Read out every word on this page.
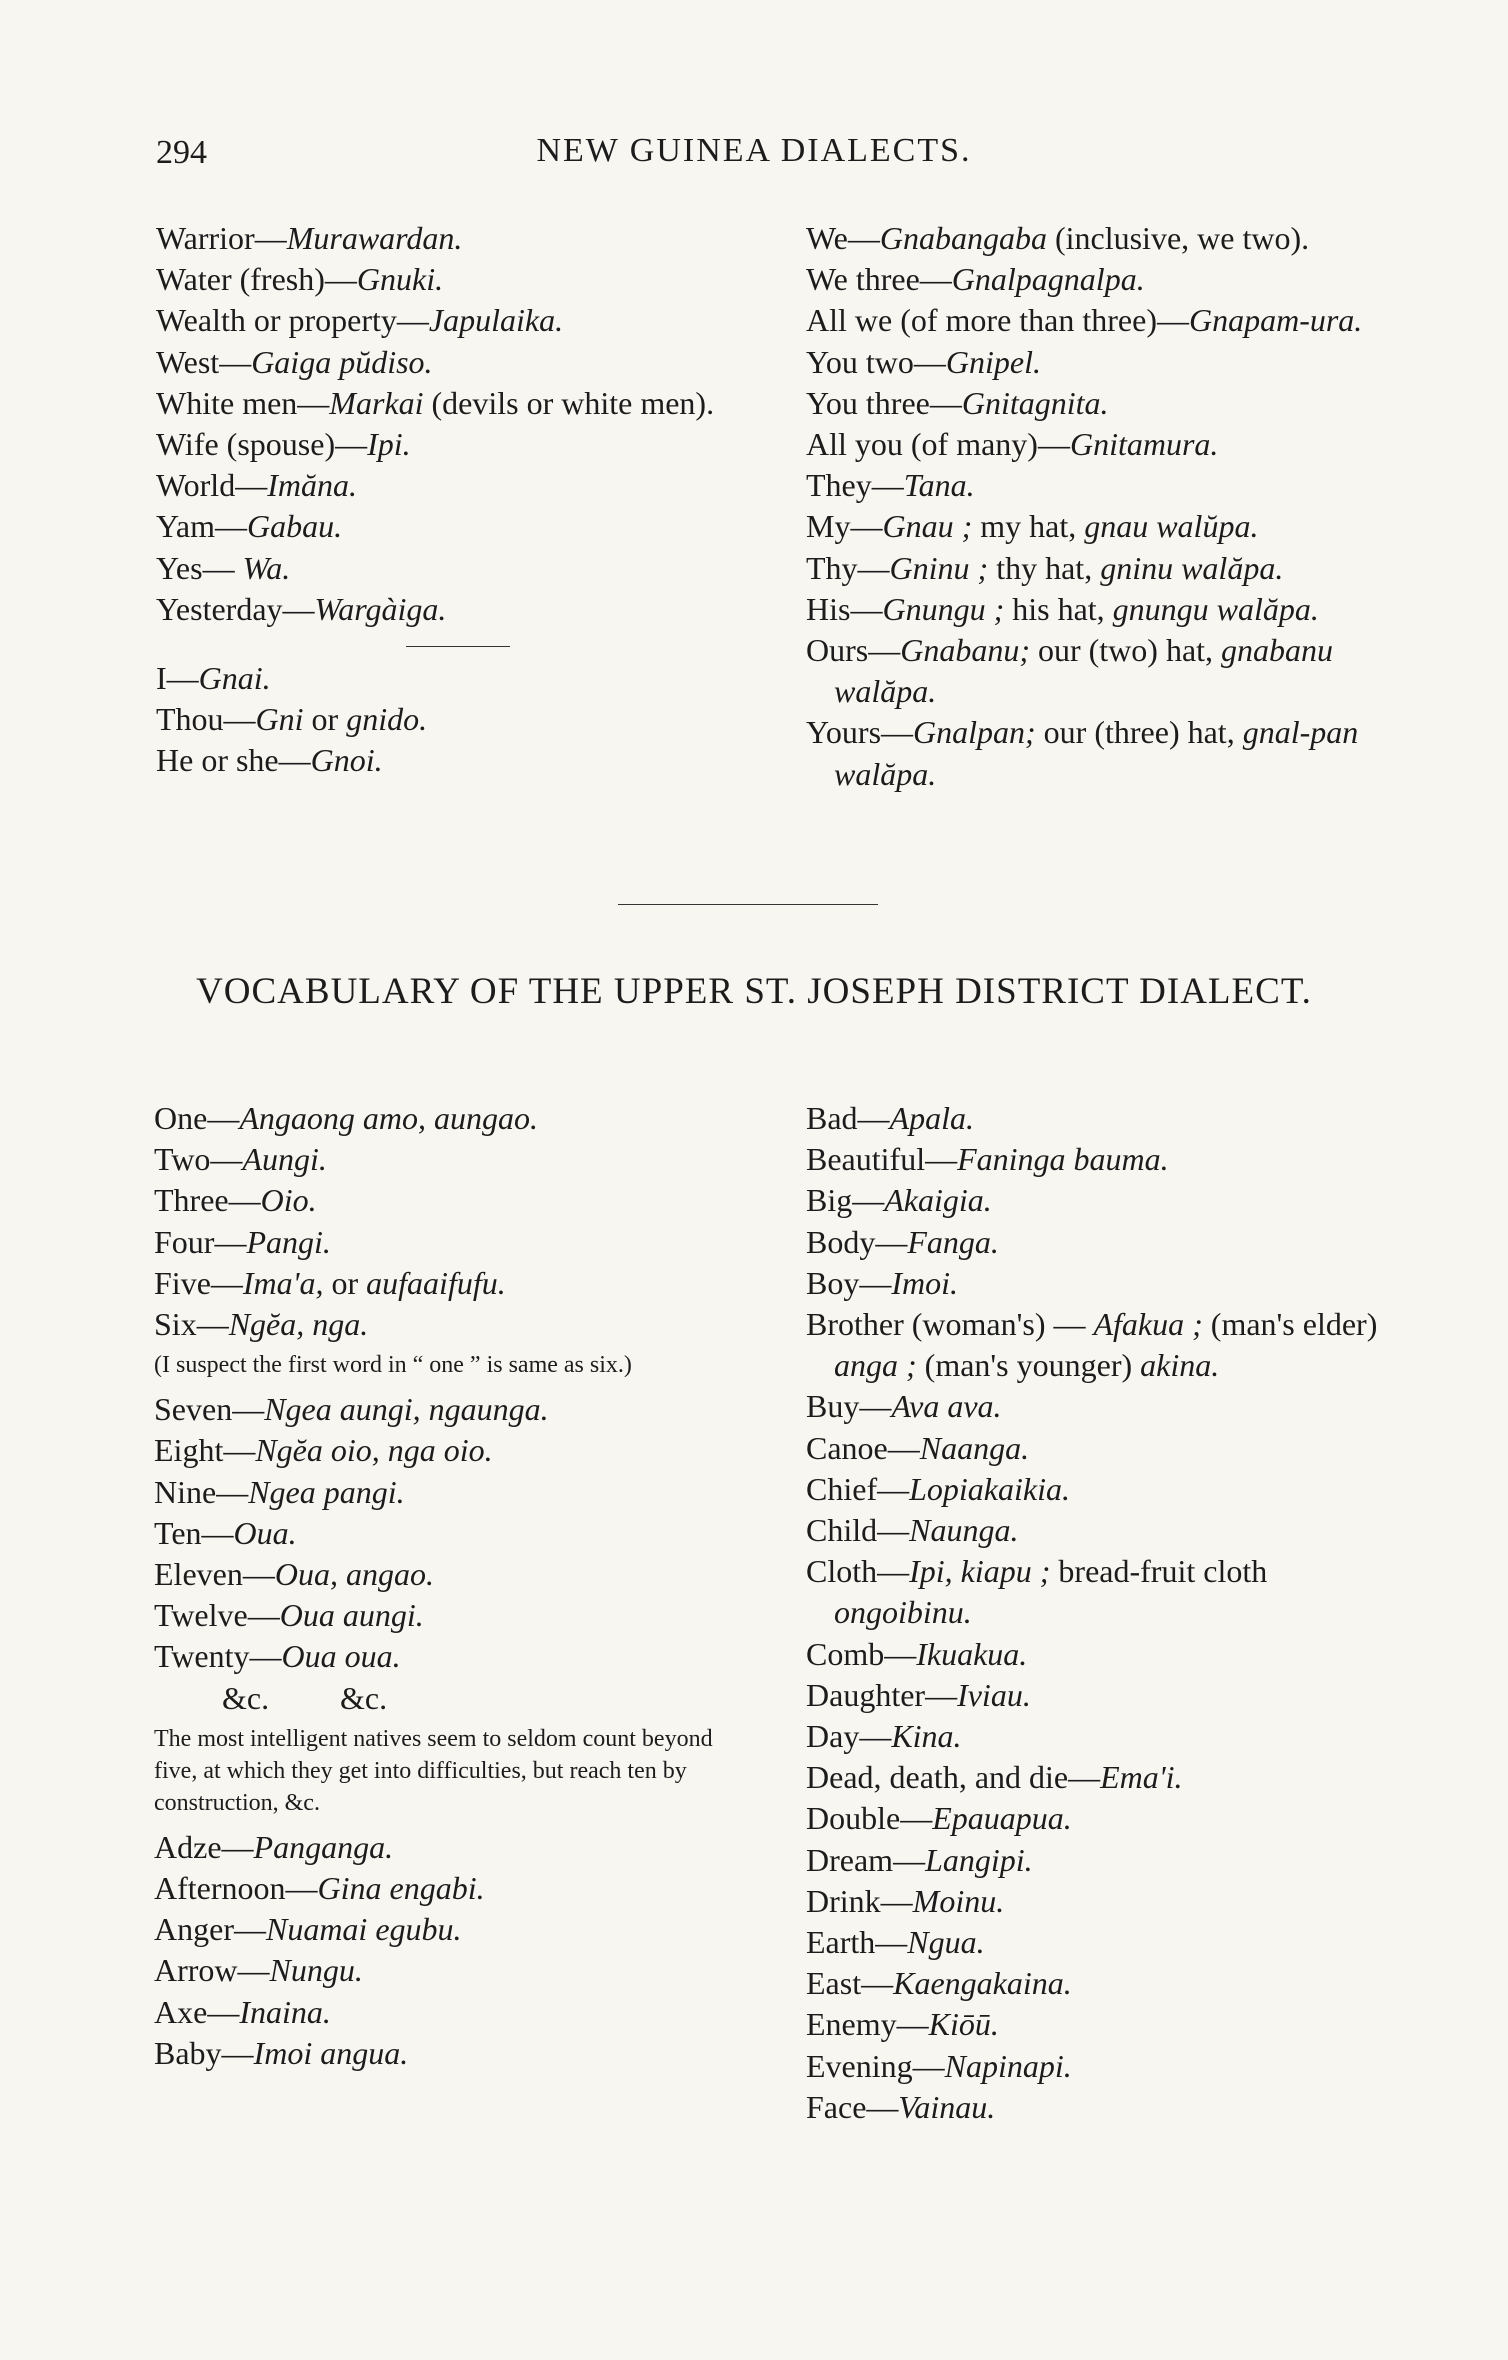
294	NEW GUINEA DIALECTS.
Warrior—Murawardan.
Water (fresh)—Gnuki.
Wealth or property—Japulaika.
West—Gaiga pŭdiso.
White men—Markai (devils or white men).
Wife (spouse)—Ipi.
World—Imăna.
Yam—Gabau.
Yes— Wa.
Yesterday—Wargàiga.
I—Gnai.
Thou—Gni or gnido.
He or she—Gnoi.
We—Gnabangaba (inclusive, we two).
We three—Gnalpagnalpa.
All we (of more than three)—Gnapam-ura.
You two—Gnipel.
You three—Gnitagnita.
All you (of many)—Gnitamura.
They—Tana.
My—Gnau ; my hat, gnau walŭpa.
Thy—Gninu ; thy hat, gninu walăpa.
His—Gnungu ; his hat, gnungu walăpa.
Ours—Gnabanu; our (two) hat, gnabanu walăpa.
Yours—Gnalpan; our (three) hat, gnal-pan walăpa.
VOCABULARY OF THE UPPER ST. JOSEPH DISTRICT DIALECT.
One—Angaong amo, aungao.
Two—Aungi.
Three—Oio.
Four—Pangi.
Five—Ima'a, or aufaaifufu.
Six—Ngĕa, nga.
(I suspect the first word in “ one ” is same as six.)
Seven—Ngea aungi, ngaunga.
Eight—Ngĕa oio, nga oio.
Nine—Ngea pangi.
Ten—Oua.
Eleven—Oua, angao.
Twelve—Oua aungi.
Twenty—Oua oua.
&c. &c.
The most intelligent natives seem to seldom count beyond five, at which they get into difficulties, but reach ten by construction, &c.
Adze—Panganga.
Afternoon—Gina engabi.
Anger—Nuamai egubu.
Arrow—Nungu.
Axe—Inaina.
Baby—Imoi angua.
Bad—Apala.
Beautiful—Faninga bauma.
Big—Akaigia.
Body—Fanga.
Boy—Imoi.
Brother (woman's) — Afakua ; (man's elder) anga ; (man's younger) akina.
Buy—Ava ava.
Canoe—Naanga.
Chief—Lopiakaikia.
Child—Naunga.
Cloth—Ipi, kiapu ; bread-fruit cloth ongoibinu.
Comb—Ikuakua.
Daughter—Iviau.
Day—Kina.
Dead, death, and die—Ema'i.
Double—Epauapua.
Dream—Langipi.
Drink—Moinu.
Earth—Ngua.
East—Kaengakaina.
Enemy—Kiōū.
Evening—Napinapi.
Face—Vainau.
